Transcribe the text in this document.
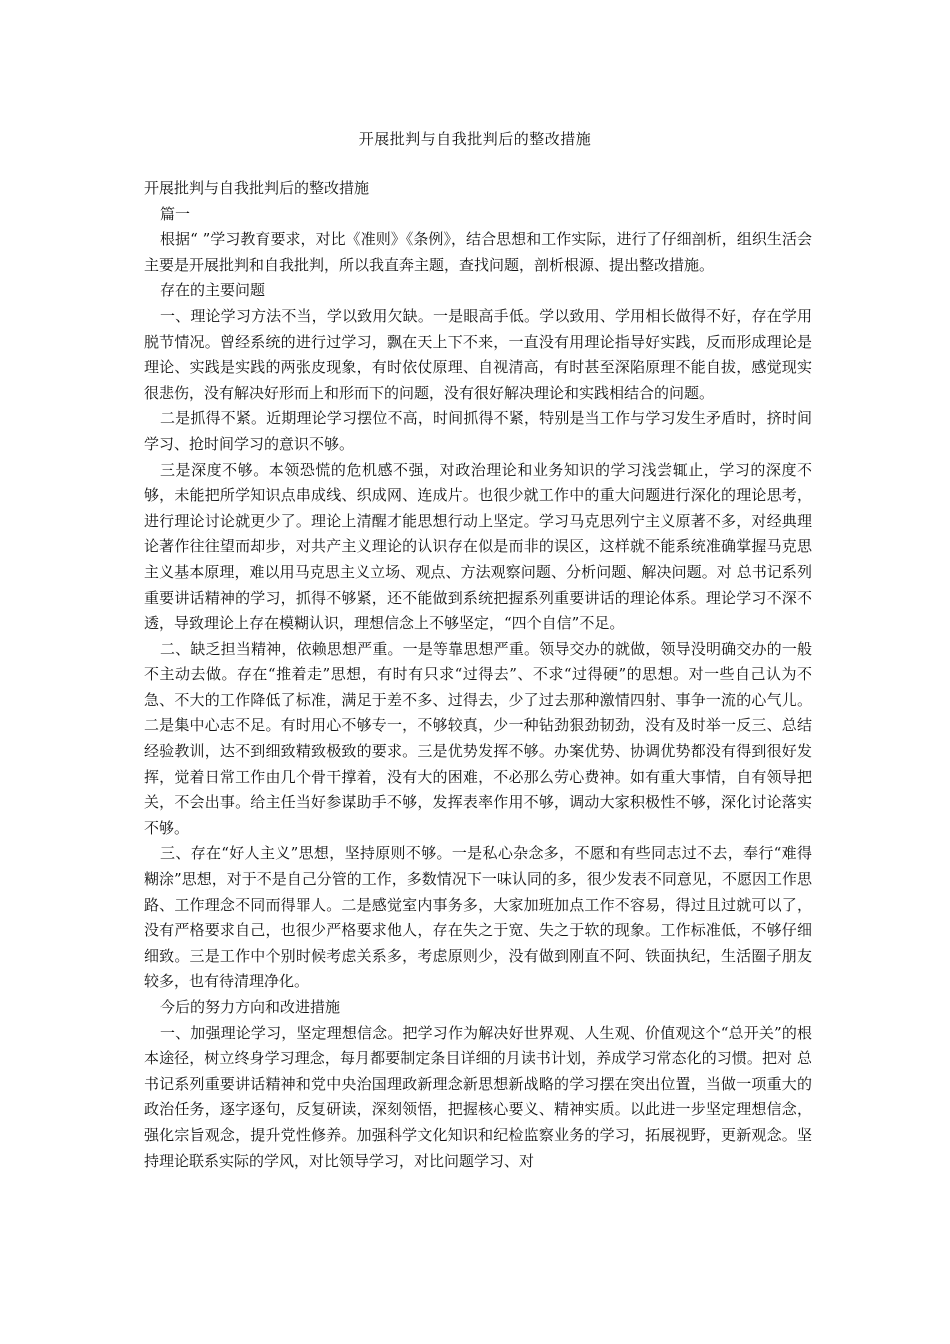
开展批判与自我批判后的整改措施

开展批判与自我批判后的整改措施

篇一

根据“ ”学习教育要求，对比《准则》《条例》，结合思想和工作实际，进行了仔细剖析，组织生活会主要是开展批判和自我批判，所以我直奔主题，查找问题，剖析根源、提出整改措施。

存在的主要问题

一、理论学习方法不当，学以致用欠缺。一是眼高手低。学以致用、学用相长做得不好，存在学用脱节情况。曾经系统的进行过学习，飘在天上下不来，一直没有用理论指导好实践，反而形成理论是理论、实践是实践的两张皮现象，有时依仗原理、自视清高，有时甚至深陷原理不能自拔，感觉现实很悲伤，没有解决好形而上和形而下的问题，没有很好解决理论和实践相结合的问题。

二是抓得不紧。近期理论学习摆位不高，时间抓得不紧，特别是当工作与学习发生矛盾时，挤时间学习、抢时间学习的意识不够。

三是深度不够。本领恐慌的危机感不强，对政治理论和业务知识的学习浅尝辄止，学习的深度不够，未能把所学知识点串成线、织成网、连成片。也很少就工作中的重大问题进行深化的理论思考，进行理论讨论就更少了。理论上清醒才能思想行动上坚定。学习马克思列宁主义原著不多，对经典理论著作往往望而却步，对共产主义理论的认识存在似是而非的误区，这样就不能系统准确掌握马克思主义基本原理，难以用马克思主义立场、观点、方法观察问题、分析问题、解决问题。对 总书记系列重要讲话精神的学习，抓得不够紧，还不能做到系统把握系列重要讲话的理论体系。理论学习不深不透，导致理论上存在模糊认识，理想信念上不够坚定，“四个自信”不足。

二、缺乏担当精神，依赖思想严重。一是等靠思想严重。领导交办的就做，领导没明确交办的一般不主动去做。存在“推着走”思想，有时有只求“过得去”、不求“过得硬”的思想。对一些自己认为不急、不大的工作降低了标准，满足于差不多、过得去，少了过去那种激情四射、事争一流的心气儿。二是集中心志不足。有时用心不够专一，不够较真，少一种钻劲狠劲韧劲，没有及时举一反三、总结经验教训，达不到细致精致极致的要求。三是优势发挥不够。办案优势、协调优势都没有得到很好发挥，觉着日常工作由几个骨干撑着，没有大的困难，不必那么劳心费神。如有重大事情，自有领导把关，不会出事。给主任当好参谋助手不够，发挥表率作用不够，调动大家积极性不够，深化讨论落实不够。

三、存在“好人主义”思想，坚持原则不够。一是私心杂念多，不愿和有些同志过不去，奉行“难得糊涂”思想，对于不是自己分管的工作，多数情况下一味认同的多，很少发表不同意见，不愿因工作思路、工作理念不同而得罪人。二是感觉室内事务多，大家加班加点工作不容易，得过且过就可以了，没有严格要求自己，也很少严格要求他人，存在失之于宽、失之于软的现象。工作标准低，不够仔细细致。三是工作中个别时候考虑关系多，考虑原则少，没有做到刚直不阿、铁面执纪，生活圈子朋友较多，也有待清理净化。

今后的努力方向和改进措施

一、加强理论学习，坚定理想信念。把学习作为解决好世界观、人生观、价值观这个“总开关”的根本途径，树立终身学习理念，每月都要制定条目详细的月读书计划，养成学习常态化的习惯。把对 总书记系列重要讲话精神和党中央治国理政新理念新思想新战略的学习摆在突出位置，当做一项重大的政治任务，逐字逐句，反复研读，深刻领悟，把握核心要义、精神实质。以此进一步坚定理想信念，强化宗旨观念，提升党性修养。加强科学文化知识和纪检监察业务的学习，拓展视野，更新观念。坚持理论联系实际的学风，对比领导学习，对比问题学习、对
